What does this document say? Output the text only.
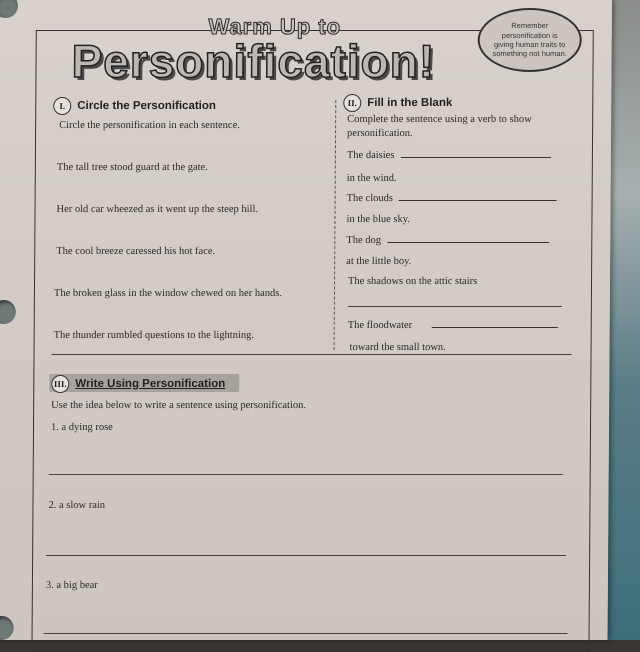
Warm Up to
Personification!
Remember personification is giving human traits to something not human.
I.	Circle the Personification
Circle the personification in each sentence.
The tall tree stood guard at the gate.
Her old car wheezed as it went up the steep hill.
The cool breeze caressed his hot face.
The broken glass in the window chewed on her hands.
The thunder rumbled questions to the lightning.
II. Fill in the Blank
Complete the sentence using a verb to show
personification.
The daisies
in the wind.
The clouds
in the blue sky.
The dog
at the little boy.
The shadows on the attic stairs
The floodwater
toward the small town.
III. Write Using Personification
Use the idea below to write a sentence using personification.
1. a dying rose
2. a slow rain
3. a big bear
